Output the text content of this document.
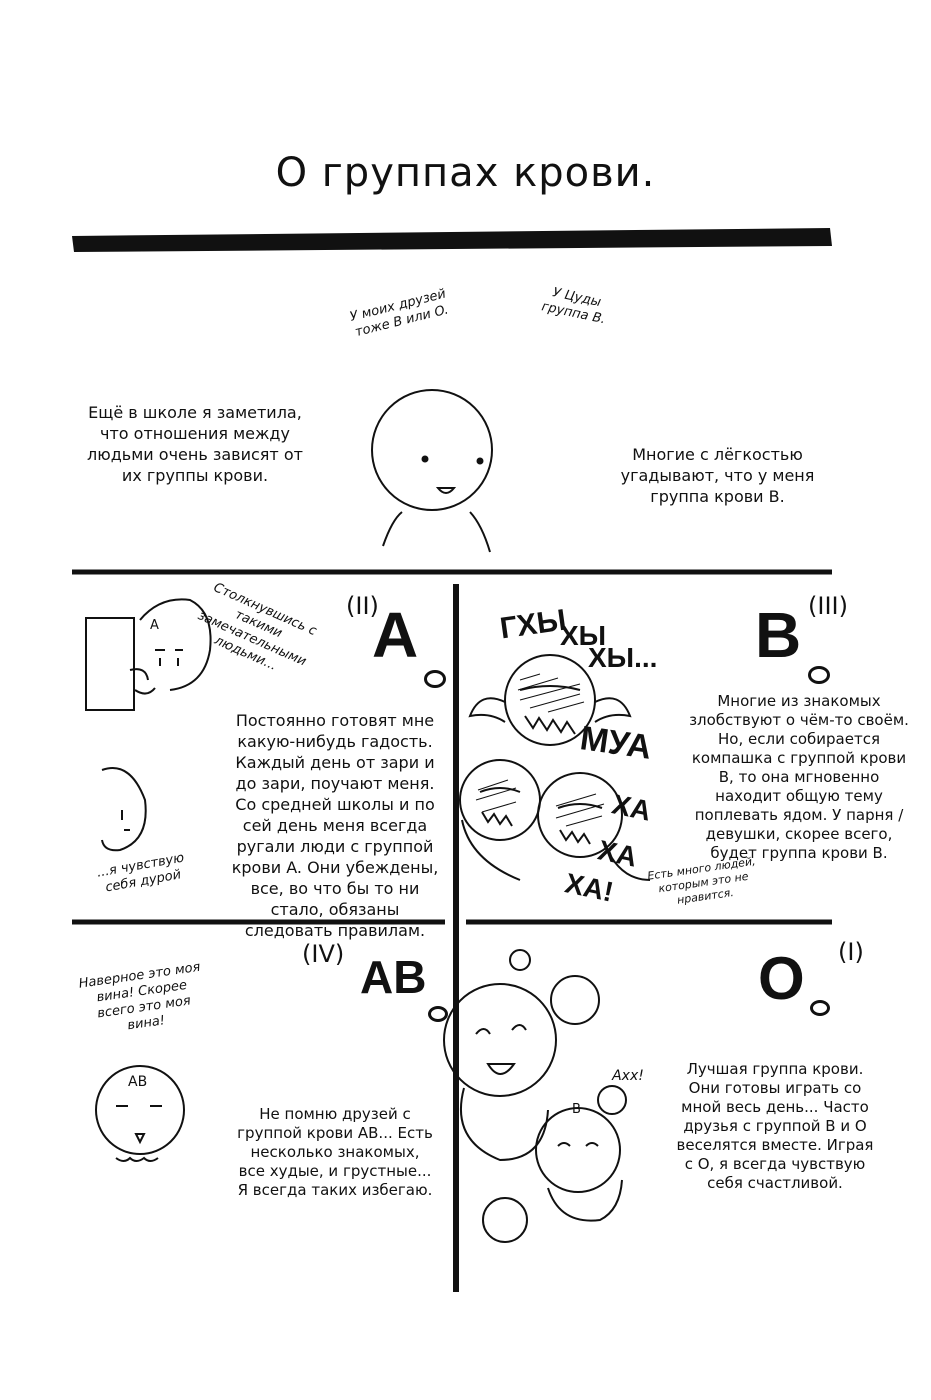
О группах крови.
У моих друзей тоже B или O.
У Цуды группа B.
Ещё в школе я заметила, что отношения между людьми очень зависят от их группы крови.
Многие с лёгкостью угадывают, что у меня группа крови B.
(II)
A
A	Столкнувшись с такими замечательными людьми...
Постоянно готовят мне какую-нибудь гадость. Каждый день от зари и до зари, поучают меня. Со средней школы и по сей день меня всегда ругали люди с группой крови A. Они убеждены, все, во что бы то ни стало, обязаны следовать правилам.
...я чувствую себя дурой
ГХЫ
ХЫ
ХЫ...
(III)
B
МУА
ХА
ХА
ХА!
Многие из знакомых злобствуют о чём-то своём. Но, если собирается компашка с группой крови B, то она мгновенно находит общую тему поплевать ядом. У парня / девушки, скорее всего, будет группа крови B.
Есть много людей, которым это не нравится.
(IV) AB
Наверное это моя вина! Скорее всего это моя вина!
AB
Не помню друзей с группой крови AB... Есть несколько знакомых, все худые, и грустные... Я всегда таких избегаю.
O (I)
Ахх!
B
Лучшая группа крови. Они готовы играть со мной весь день... Часто друзья с группой B и O веселятся вместе. Играя с O, я всегда чувствую себя счастливой.
